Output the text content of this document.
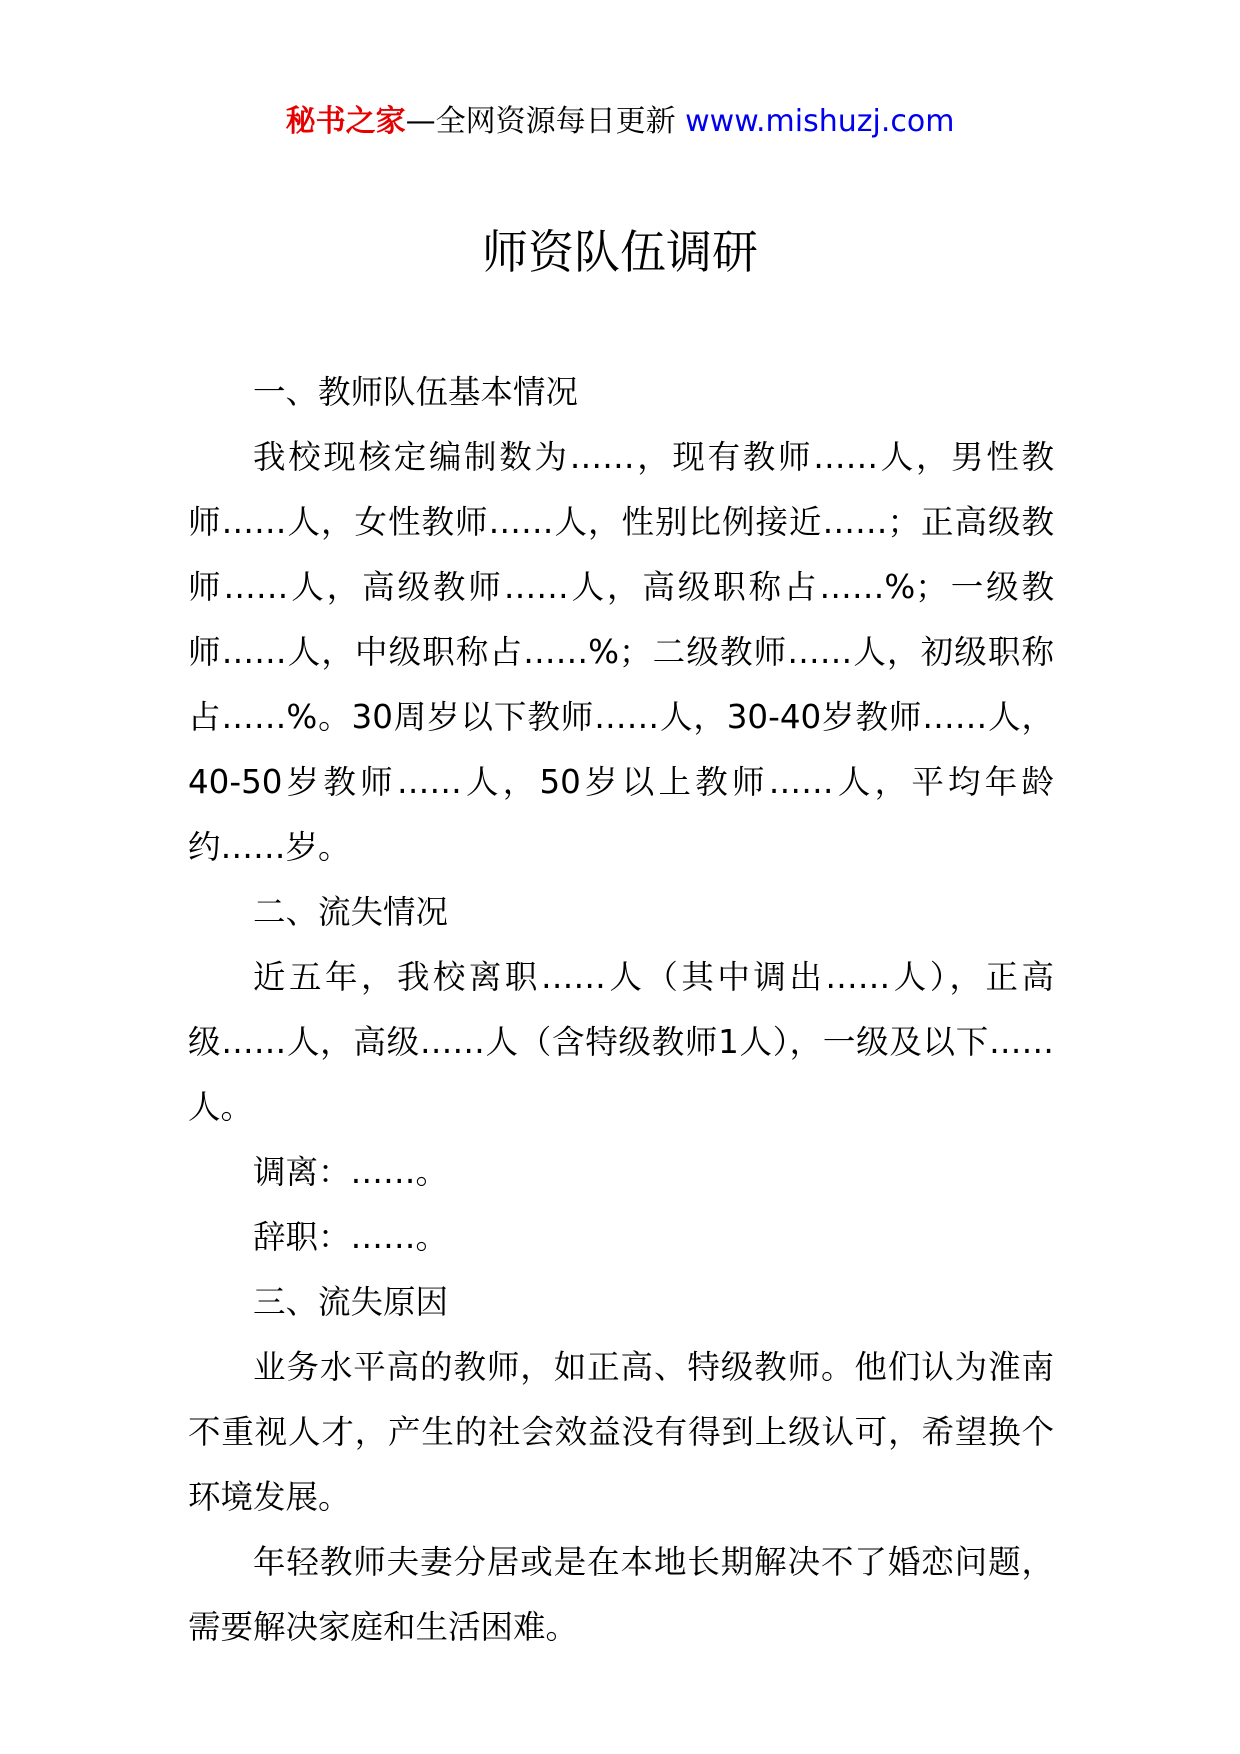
秘书之家—全网资源每日更新 www.mishuzj.com
师资队伍调研

一、教师队伍基本情况

我校现核定编制数为……，现有教师……人，男性教师……人，女性教师……人，性别比例接近……；正高级教师……人，高级教师……人，高级职称占……%；一级教师……人，中级职称占……%；二级教师……人，初级职称占……%。30周岁以下教师……人，30-40岁教师……人，40-50岁教师……人，50岁以上教师……人，平均年龄约……岁。

二、流失情况

近五年，我校离职……人（其中调出……人），正高级……人，高级……人（含特级教师1人），一级及以下……人。

调离：……。

辞职：……。

三、流失原因

业务水平高的教师，如正高、特级教师。他们认为淮南不重视人才，产生的社会效益没有得到上级认可，希望换个环境发展。

年轻教师夫妻分居或是在本地长期解决不了婚恋问题，需要解决家庭和生活困难。
